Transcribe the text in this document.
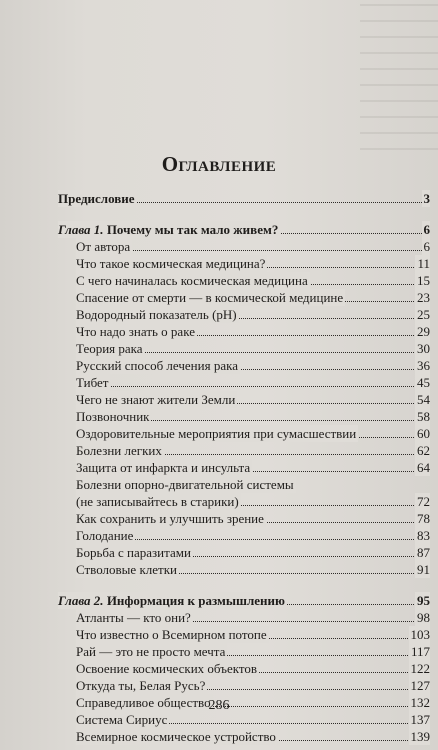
Оглавление
Предисловие	3
Глава 1. Почему мы так мало живем?	6
От автора	6
Что такое космическая медицина?	11
С чего начиналась космическая медицина	15
Спасение от смерти — в космической медицине	23
Водородный показатель (pH)	25
Что надо знать о раке	29
Теория рака	30
Русский способ лечения рака	36
Тибет	45
Чего не знают жители Земли	54
Позвоночник	58
Оздоровительные мероприятия при сумасшествии	60
Болезни легких	62
Защита от инфаркта и инсульта	64
Болезни опорно-двигательной системы
(не записывайтесь в старики)	72
Как сохранить и улучшить зрение	78
Голодание	83
Борьба с паразитами	87
Стволовые клетки	91
Глава 2. Информация к размышлению	95
Атланты — кто они?	98
Что известно о Всемирном потопе	103
Рай — это не просто мечта	117
Освоение космических объектов	122
Откуда ты, Белая Русь?	127
Справедливое общество	132
Система Сириус	137
Всемирное космическое устройство	139
286
